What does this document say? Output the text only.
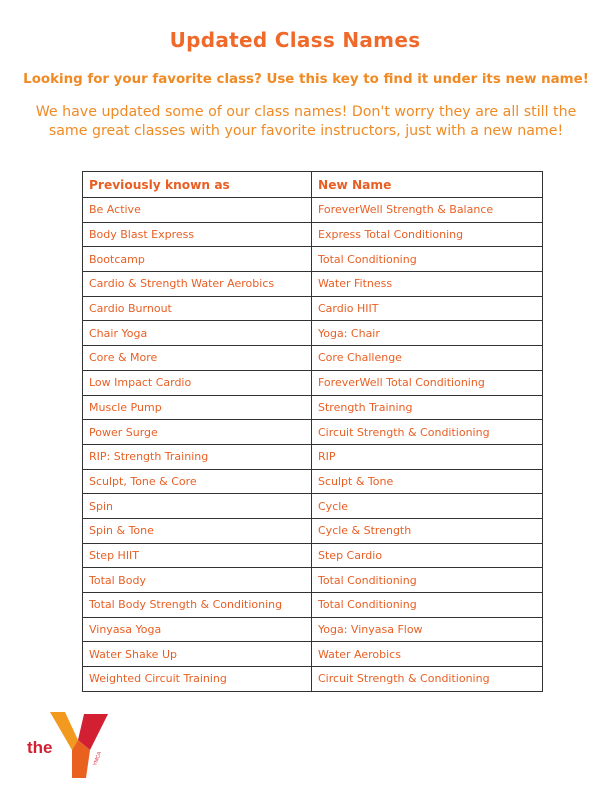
Updated Class Names
Looking for your favorite class? Use this key to find it under its new name!
We have updated some of our class names! Don't worry they are all still the same great classes with your favorite instructors, just with a new name!
Previously known as	New Name
Be Active	ForeverWell Strength & Balance
Body Blast Express	Express Total Conditioning
Bootcamp	Total Conditioning
Cardio & Strength Water Aerobics	Water Fitness
Cardio Burnout	Cardio HIIT
Chair Yoga	Yoga: Chair
Core & More	Core Challenge
Low Impact Cardio	ForeverWell Total Conditioning
Muscle Pump	Strength Training
Power Surge	Circuit Strength & Conditioning
RIP: Strength Training	RIP
Sculpt, Tone & Core	Sculpt & Tone
Spin	Cycle
Spin & Tone	Cycle & Strength
Step HIIT	Step Cardio
Total Body	Total Conditioning
Total Body Strength & Conditioning	Total Conditioning
Vinyasa Yoga	Yoga: Vinyasa Flow
Water Shake Up	Water Aerobics
Weighted Circuit Training	Circuit Strength & Conditioning
YMCA
the
